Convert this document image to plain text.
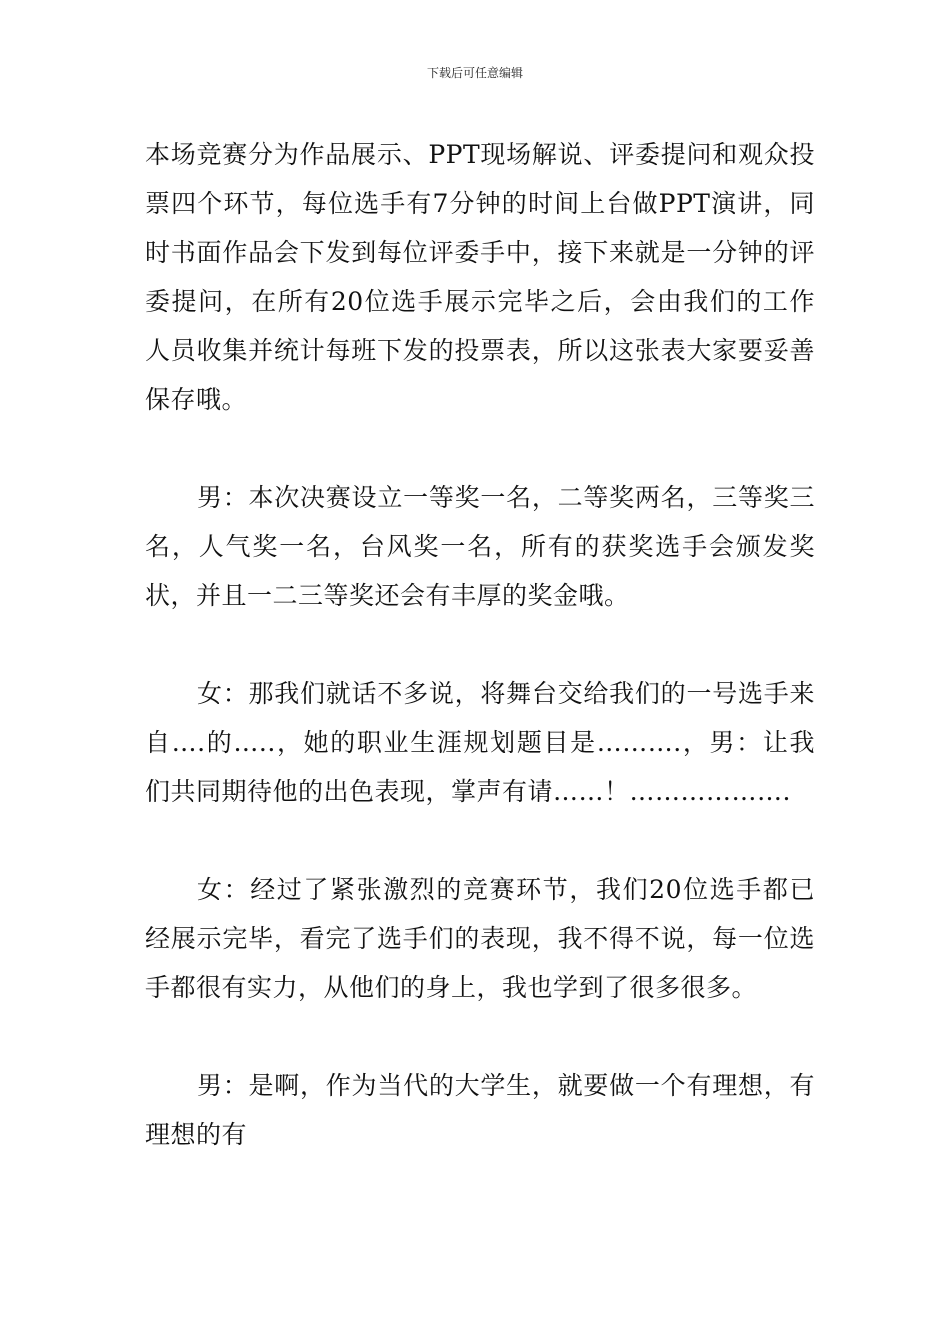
下载后可任意编辑

本场竞赛分为作品展示、PPT现场解说、评委提问和观众投票四个环节，每位选手有7分钟的时间上台做PPT演讲，同时书面作品会下发到每位评委手中，接下来就是一分钟的评委提问，在所有20位选手展示完毕之后，会由我们的工作人员收集并统计每班下发的投票表，所以这张表大家要妥善保存哦。

男：本次决赛设立一等奖一名，二等奖两名，三等奖三名，人气奖一名，台风奖一名，所有的获奖选手会颁发奖状，并且一二三等奖还会有丰厚的奖金哦。

女：那我们就话不多说，将舞台交给我们的一号选手来自….的…..，她的职业生涯规划题目是……….，男：让我们共同期待他的出色表现，掌声有请……！……………….

女：经过了紧张激烈的竞赛环节，我们20位选手都已经展示完毕，看完了选手们的表现，我不得不说，每一位选手都很有实力，从他们的身上，我也学到了很多很多。

男：是啊，作为当代的大学生，就要做一个有理想，有理想的有
